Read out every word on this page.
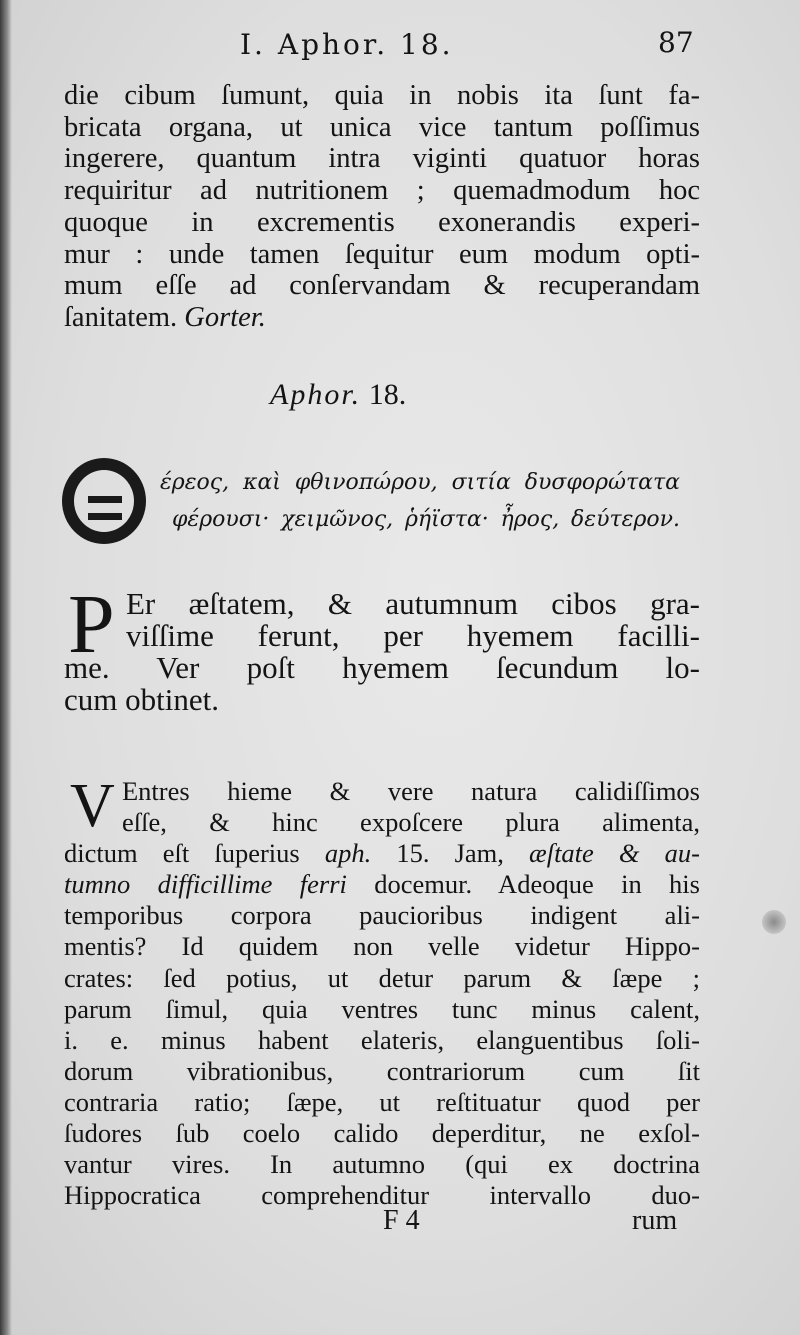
I. Aphor. 18.	87
die cibum ſumunt, quia in nobis ita ſunt fa-
bricata organa, ut unica vice tantum poſſimus
ingerere, quantum intra viginti quatuor horas
requiritur ad nutritionem ; quemadmodum hoc
quoque in excrementis exonerandis experi-
mur : unde tamen ſequitur eum modum opti-
mum eſſe ad conſervandam & recuperandam
ſanitatem. Gorter.
Aphor. 18.
έρεος, καὶ φθινοπώρου, σιτία δυσφορώτατα
φέρουσι· χειμῶνος, ῥήϊστα· ἦρος, δεύτερον.
P Er æſtatem, & autumnum cibos gra-
viſſime ferunt, per hyemem facilli-
me. Ver poſt hyemem ſecundum lo-
cum obtinet.
V Entres hieme & vere natura calidiſſimos
eſſe, & hinc expoſcere plura alimenta,
dictum eſt ſuperius aph. 15. Jam, æſtate & au-
tumno difficillime ferri docemur. Adeoque in his
temporibus corpora paucioribus indigent ali-
mentis? Id quidem non velle videtur Hippo-
crates: ſed potius, ut detur parum & ſæpe ;
parum ſimul, quia ventres tunc minus calent,
i. e. minus habent elateris, elanguentibus ſoli-
dorum vibrationibus, contrariorum cum ſit
contraria ratio; ſæpe, ut reſtituatur quod per
ſudores ſub coelo calido deperditur, ne exſol-
vantur vires. In autumno (qui ex doctrina
Hippocratica comprehenditur intervallo duo-
F 4	rum
